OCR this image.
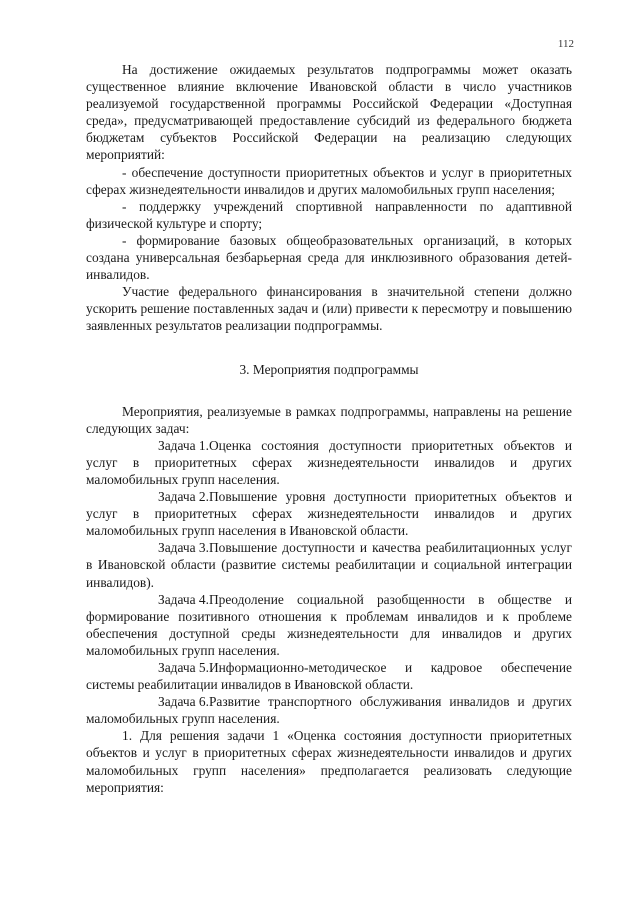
112

На достижение ожидаемых результатов подпрограммы может оказать существенное влияние включение Ивановской области в число участников реализуемой государственной программы Российской Федерации «Доступная среда», предусматривающей предоставление субсидий из федерального бюджета бюджетам субъектов Российской Федерации на реализацию следующих мероприятий:

- обеспечение доступности приоритетных объектов и услуг в приоритетных сферах жизнедеятельности инвалидов и других маломобильных групп населения;

- поддержку учреждений спортивной направленности по адаптивной физической культуре и спорту;

- формирование базовых общеобразовательных организаций, в которых создана универсальная безбарьерная среда для инклюзивного образования детей-инвалидов.

Участие федерального финансирования в значительной степени должно ускорить решение поставленных задач и (или) привести к пересмотру и повышению заявленных результатов реализации подпрограммы.

3. Мероприятия подпрограммы

Мероприятия, реализуемые в рамках подпрограммы, направлены на решение следующих задач:

Задача 1.Оценка состояния доступности приоритетных объектов и услуг в приоритетных сферах жизнедеятельности инвалидов и других маломобильных групп населения.

Задача 2.Повышение уровня доступности приоритетных объектов и услуг в приоритетных сферах жизнедеятельности инвалидов и других маломобильных групп населения в Ивановской области.

Задача 3.Повышение доступности и качества реабилитационных услуг в Ивановской области (развитие системы реабилитации и социальной интеграции инвалидов).

Задача 4.Преодоление социальной разобщенности в обществе и формирование позитивного отношения к проблемам инвалидов и к проблеме обеспечения доступной среды жизнедеятельности для инвалидов и других маломобильных групп населения.

Задача 5.Информационно-методическое и кадровое обеспечение системы реабилитации инвалидов в Ивановской области.

Задача 6.Развитие транспортного обслуживания инвалидов и других маломобильных групп населения.

1. Для решения задачи 1 «Оценка состояния доступности приоритетных объектов и услуг в приоритетных сферах жизнедеятельности инвалидов и других маломобильных групп населения» предполагается реализовать следующие мероприятия:
